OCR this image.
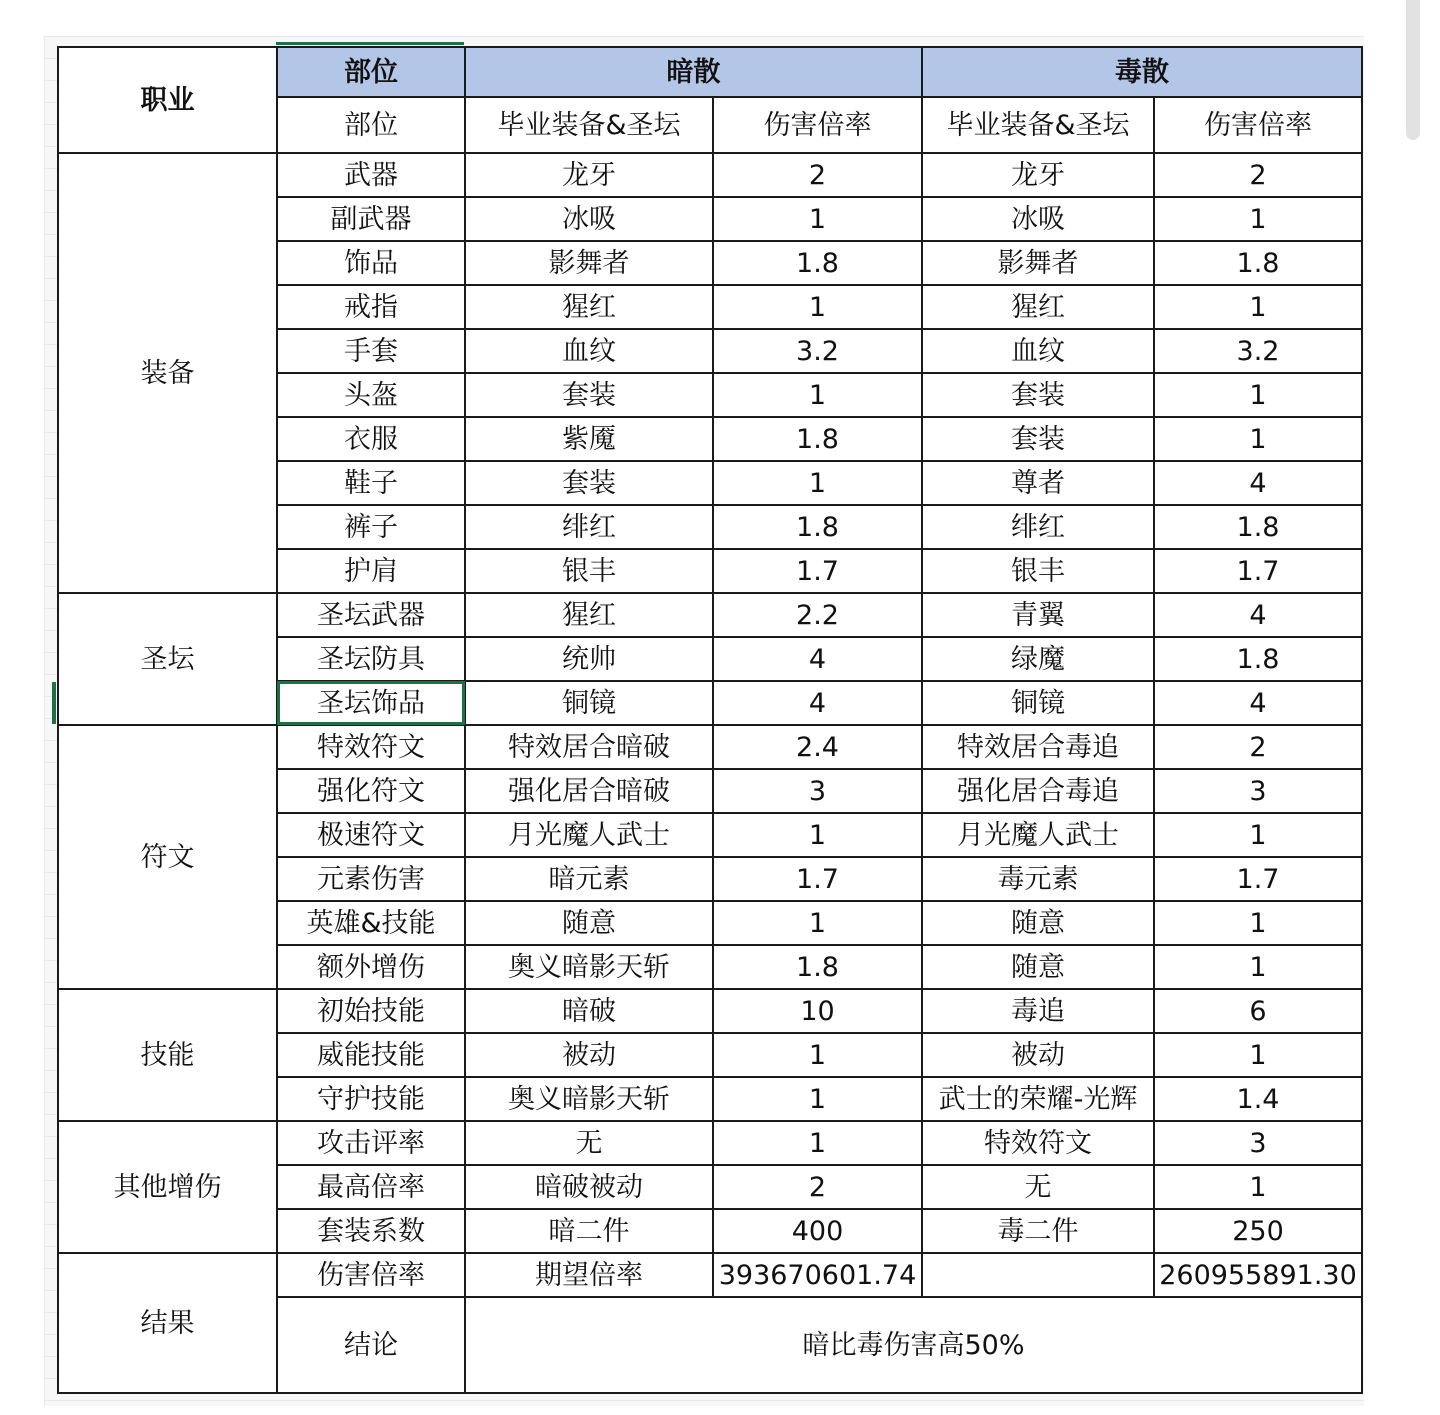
职业	部位	暗散		毒散	
	部位	毕业装备&圣坛	伤害倍率	毕业装备&圣坛	伤害倍率
装备	武器	龙牙	2	龙牙	2
	副武器	冰吸	1	冰吸	1
	饰品	影舞者	1.8	影舞者	1.8
	戒指	猩红	1	猩红	1
	手套	血纹	3.2	血纹	3.2
	头盔	套装	1	套装	1
	衣服	紫魇	1.8	套装	1
	鞋子	套装	1	尊者	4
	裤子	绯红	1.8	绯红	1.8
	护肩	银丰	1.7	银丰	1.7
圣坛	圣坛武器	猩红	2.2	青翼	4
	圣坛防具	统帅	4	绿魔	1.8
	圣坛饰品	铜镜	4	铜镜	4
符文	特效符文	特效居合暗破	2.4	特效居合毒追	2
	强化符文	强化居合暗破	3	强化居合毒追	3
	极速符文	月光魔人武士	1	月光魔人武士	1
	元素伤害	暗元素	1.7	毒元素	1.7
	英雄&技能	随意	1	随意	1
	额外增伤	奥义暗影天斩	1.8	随意	1
技能	初始技能	暗破	10	毒追	6
	威能技能	被动	1	被动	1
	守护技能	奥义暗影天斩	1	武士的荣耀-光辉	1.4
其他增伤	攻击评率	无	1	特效符文	3
	最高倍率	暗破被动	2	无	1
	套装系数	暗二件	400	毒二件	250
结果	伤害倍率	期望倍率	393670601.74		260955891.30
	结论	暗比毒伤害高50%			
